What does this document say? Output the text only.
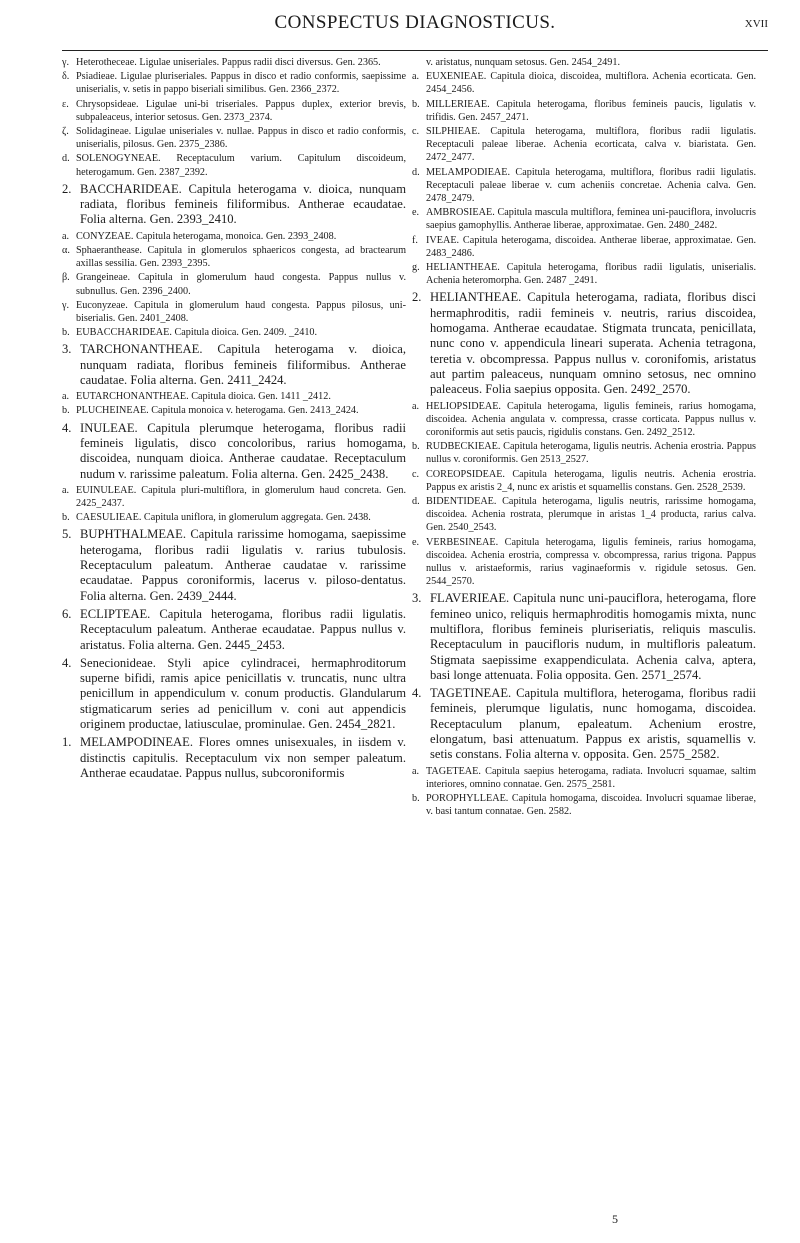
CONSPECTUS DIAGNOSTICUS.	XVII

γ. Heterotheceae. Ligulae uniseriales. Pappus radii disci diversus. Gen. 2365.

δ. Psiadieae. Ligulae pluriseriales. Pappus in disco et radio conformis, saepissime uniserialis, v. setis in pappo biseriali similibus. Gen. 2366_2372.

ε. Chrysopsideae. Ligulae uni-bi triseriales. Pappus duplex, exterior brevis, subpaleaceus, interior setosus. Gen. 2373_2374.

ζ. Solidagineae. Ligulae uniseriales v. nullae. Pappus in disco et radio conformis, uniserialis, pilosus. Gen. 2375_2386.

d. SOLENOGYNEAE. Receptaculum varium. Capitulum discoideum, heterogamum. Gen. 2387_2392.

2. BACCHARIDEAE. Capitula heterogama v. dioica, nunquam radiata, floribus femineis filiformibus. Antherae ecaudatae. Folia alterna. Gen. 2393_2410.

a. CONYZEAE. Capitula heterogama, monoica. Gen. 2393_2408.

α. Sphaeranthease. Capitula in glomerulos sphaericos congesta, ad bractearum axillas sessilia. Gen. 2393_2395.

β. Grangeineae. Capitula in glomerulum haud congesta. Pappus nullus v. subnullus. Gen. 2396_2400.

γ. Euconyzeae. Capitula in glomerulum haud congesta. Pappus pilosus, uni-biserialis. Gen. 2401_2408.

b. EUBACCHARIDEAE. Capitula dioica. Gen. 2409. _2410.

3. TARCHONANTHEAE. Capitula heterogama v. dioica, nunquam radiata, floribus femineis filiformibus. Antherae caudatae. Folia alterna. Gen. 2411_2424.

a. EUTARCHONANTHEAE. Capitula dioica. Gen. 1411 _2412.

b. PLUCHEINEAE. Capitula monoica v. heterogama. Gen. 2413_2424.

4. INULEAE. Capitula plerumque heterogama, floribus radii femineis ligulatis, disco concoloribus, rarius homogama, discoidea, nunquam dioica. Antherae caudatae. Receptaculum nudum v. rarissime paleatum. Folia alterna. Gen. 2425_2438.

a. EUINULEAE. Capitula pluri-multiflora, in glomerulum haud concreta. Gen. 2425_2437.

b. CAESULIEAE. Capitula uniflora, in glomerulum aggregata. Gen. 2438.

5. BUPHTHALMEAE. Capitula rarissime homogama, saepissime heterogama, floribus radii ligulatis v. rarius tubulosis. Receptaculum paleatum. Antherae caudatae v. rarissime ecaudatae. Pappus coroniformis, lacerus v. piloso-dentatus. Folia alterna. Gen. 2439_2444.

6. ECLIPTEAE. Capitula heterogama, floribus radii ligulatis. Receptaculum paleatum. Antherae ecaudatae. Pappus nullus v. aristatus. Folia alterna. Gen. 2445_2453.

4. Senecionideae. Styli apice cylindracei, hermaphroditorum superne bifidi, ramis apice penicillatis v. truncatis, nunc ultra penicillum in appendiculum v. conum productis. Glandularum stigmaticarum series ad penicillum v. coni aut appendicis originem productae, latiusculae, prominulae. Gen. 2454_2821.

1. MELAMPODINEAE. Flores omnes unisexuales, in iisdem v. distinctis capitulis. Receptaculum vix non semper paleatum. Antherae ecaudatae. Pappus nullus, subcoroniformis

v. aristatus, nunquam setosus. Gen. 2454_2491.

a. EUXENIEAE. Capitula dioica, discoidea, multiflora. Achenia ecorticata. Gen. 2454_2456.

b. MILLERIEAE. Capitula heterogama, floribus femineis paucis, ligulatis v. trifidis. Gen. 2457_2471.

c. SILPHIEAE. Capitula heterogama, multiflora, floribus radii ligulatis. Receptaculi paleae liberae. Achenia ecorticata, calva v. biaristata. Gen. 2472_2477.

d. MELAMPODIEAE. Capitula heterogama, multiflora, floribus radii ligulatis. Receptaculi paleae liberae v. cum acheniis concretae. Achenia calva. Gen. 2478_2479.

e. AMBROSIEAE. Capitula mascula multiflora, feminea uni-pauciflora, involucris saepius gamophyllis. Antherae liberae, approximatae. Gen. 2480_2482.

f. IVEAE. Capitula heterogama, discoidea. Antherae liberae, approximatae. Gen. 2483_2486.

g. HELIANTHEAE. Capitula heterogama, floribus radii ligulatis, uniserialis. Achenia heteromorpha. Gen. 2487 _2491.

2. HELIANTHEAE. Capitula heterogama, radiata, floribus disci hermaphroditis, radii femineis v. neutris, rarius discoidea, homogama. Antherae ecaudatae. Stigmata truncata, penicillata, nunc cono v. appendicula lineari superata. Achenia tetragona, teretia v. obcompressa. Pappus nullus v. coronifomis, aristatus aut partim paleaceus, nunquam omnino setosus, nec omnino paleaceus. Folia saepius opposita. Gen. 2492_2570.

a. HELIOPSIDEAE. Capitula heterogama, ligulis femineis, rarius homogama, discoidea. Achenia angulata v. compressa, crasse corticata. Pappus nullus v. coroniformis aut setis paucis, rigidulis constans. Gen. 2492_2512.

b. RUDBECKIEAE. Capitula heterogama, ligulis neutris. Achenia erostria. Pappus nullus v. coroniformis. Gen 2513_2527.

c. COREOPSIDEAE. Capitula heterogama, ligulis neutris. Achenia erostria. Pappus ex aristis 2_4, nunc ex aristis et squamellis constans. Gen. 2528_2539.

d. BIDENTIDEAE. Capitula heterogama, ligulis neutris, rarissime homogama, discoidea. Achenia rostrata, plerumque in aristas 1_4 producta, rarius calva. Gen. 2540_2543.

e. VERBESINEAE. Capitula heterogama, ligulis femineis, rarius homogama, discoidea. Achenia erostria, compressa v. obcompressa, rarius trigona. Pappus nullus v. aristaeformis, rarius vaginaeformis v. rigidule setosus. Gen. 2544_2570.

3. FLAVERIEAE. Capitula nunc uni-pauciflora, heterogama, flore femineo unico, reliquis hermaphroditis homogamis mixta, nunc multiflora, floribus femineis pluriseriatis, reliquis masculis. Receptaculum in paucifloris nudum, in multifloris paleatum. Stigmata saepissime exappendiculata. Achenia calva, aptera, basi longe attenuata. Folia opposita. Gen. 2571_2574.

4. TAGETINEAE. Capitula multiflora, heterogama, floribus radii femineis, plerumque ligulatis, nunc homogama, discoidea. Receptaculum planum, epaleatum. Achenium erostre, elongatum, basi attenuatum. Pappus ex aristis, squamellis v. setis constans. Folia alterna v. opposita. Gen. 2575_2582.

a. TAGETEAE. Capitula saepius heterogama, radiata. Involucri squamae, saltim interiores, omnino connatae. Gen. 2575_2581.

b. POROPHYLLEAE. Capitula homogama, discoidea. Involucri squamae liberae, v. basi tantum connatae. Gen. 2582.

5
